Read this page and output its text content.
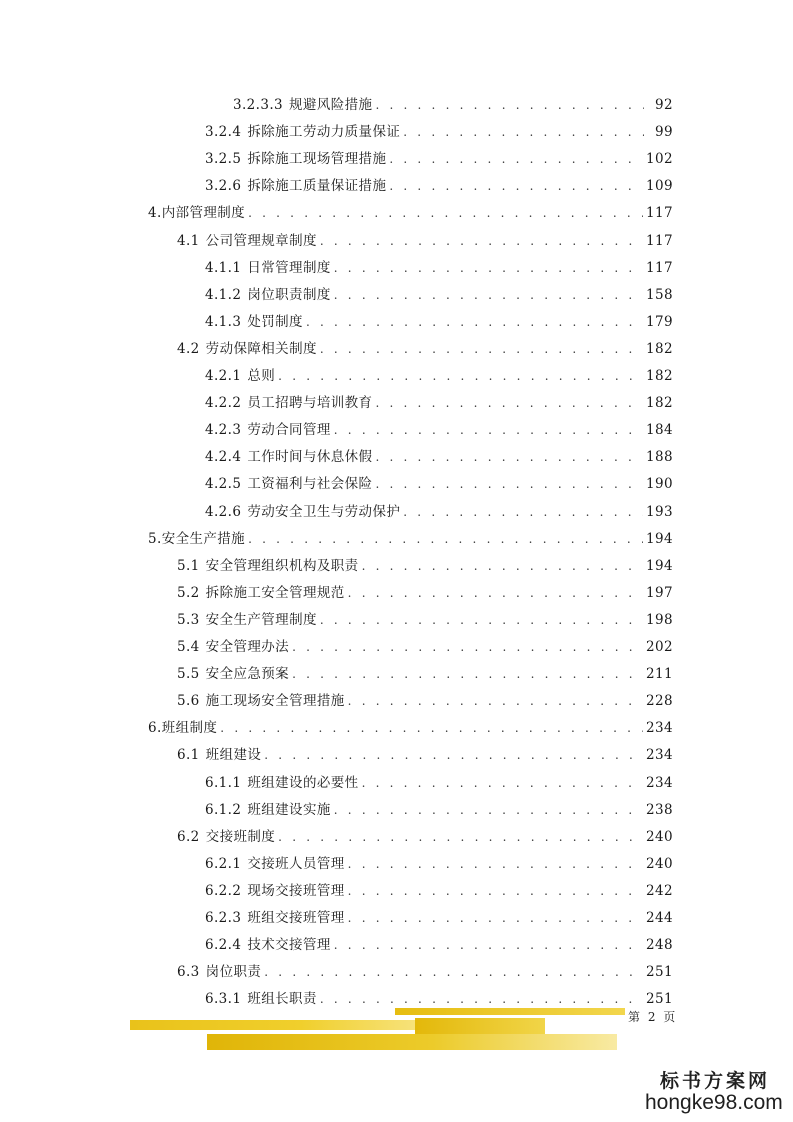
3.2.3.3 规避风险措施 . . .	92
3.2.4 拆除施工劳动力质量保证 . . .	99
3.2.5 拆除施工现场管理措施 . . .	102
3.2.6 拆除施工质量保证措施 . . .	109
4. 内部管理制度 . . .	117
4.1 公司管理规章制度 . . .	117
4.1.1 日常管理制度 . . .	117
4.1.2 岗位职责制度 . . .	158
4.1.3 处罚制度 . . .	179
4.2 劳动保障相关制度 . . .	182
4.2.1 总则 . . .	182
4.2.2 员工招聘与培训教育 . . .	182
4.2.3 劳动合同管理 . . .	184
4.2.4 工作时间与休息休假 . . .	188
4.2.5 工资福利与社会保险 . . .	190
4.2.6 劳动安全卫生与劳动保护 . . .	193
5. 安全生产措施 . . .	194
5.1 安全管理组织机构及职责 . . .	194
5.2 拆除施工安全管理规范 . . .	197
5.3 安全生产管理制度 . . .	198
5.4 安全管理办法 . . .	202
5.5 安全应急预案 . . .	211
5.6 施工现场安全管理措施 . . .	228
6. 班组制度 . . .	234
6.1 班组建设 . . .	234
6.1.1 班组建设的必要性 . . .	234
6.1.2 班组建设实施 . . .	238
6.2 交接班制度 . . .	240
6.2.1 交接班人员管理 . . .	240
6.2.2 现场交接班管理 . . .	242
6.2.3 班组交接班管理 . . .	244
6.2.4 技术交接管理 . . .	248
6.3 岗位职责 . . .	251
6.3.1 班组长职责 . . .	251
第 2 页
标书方案网
hongke98.com
